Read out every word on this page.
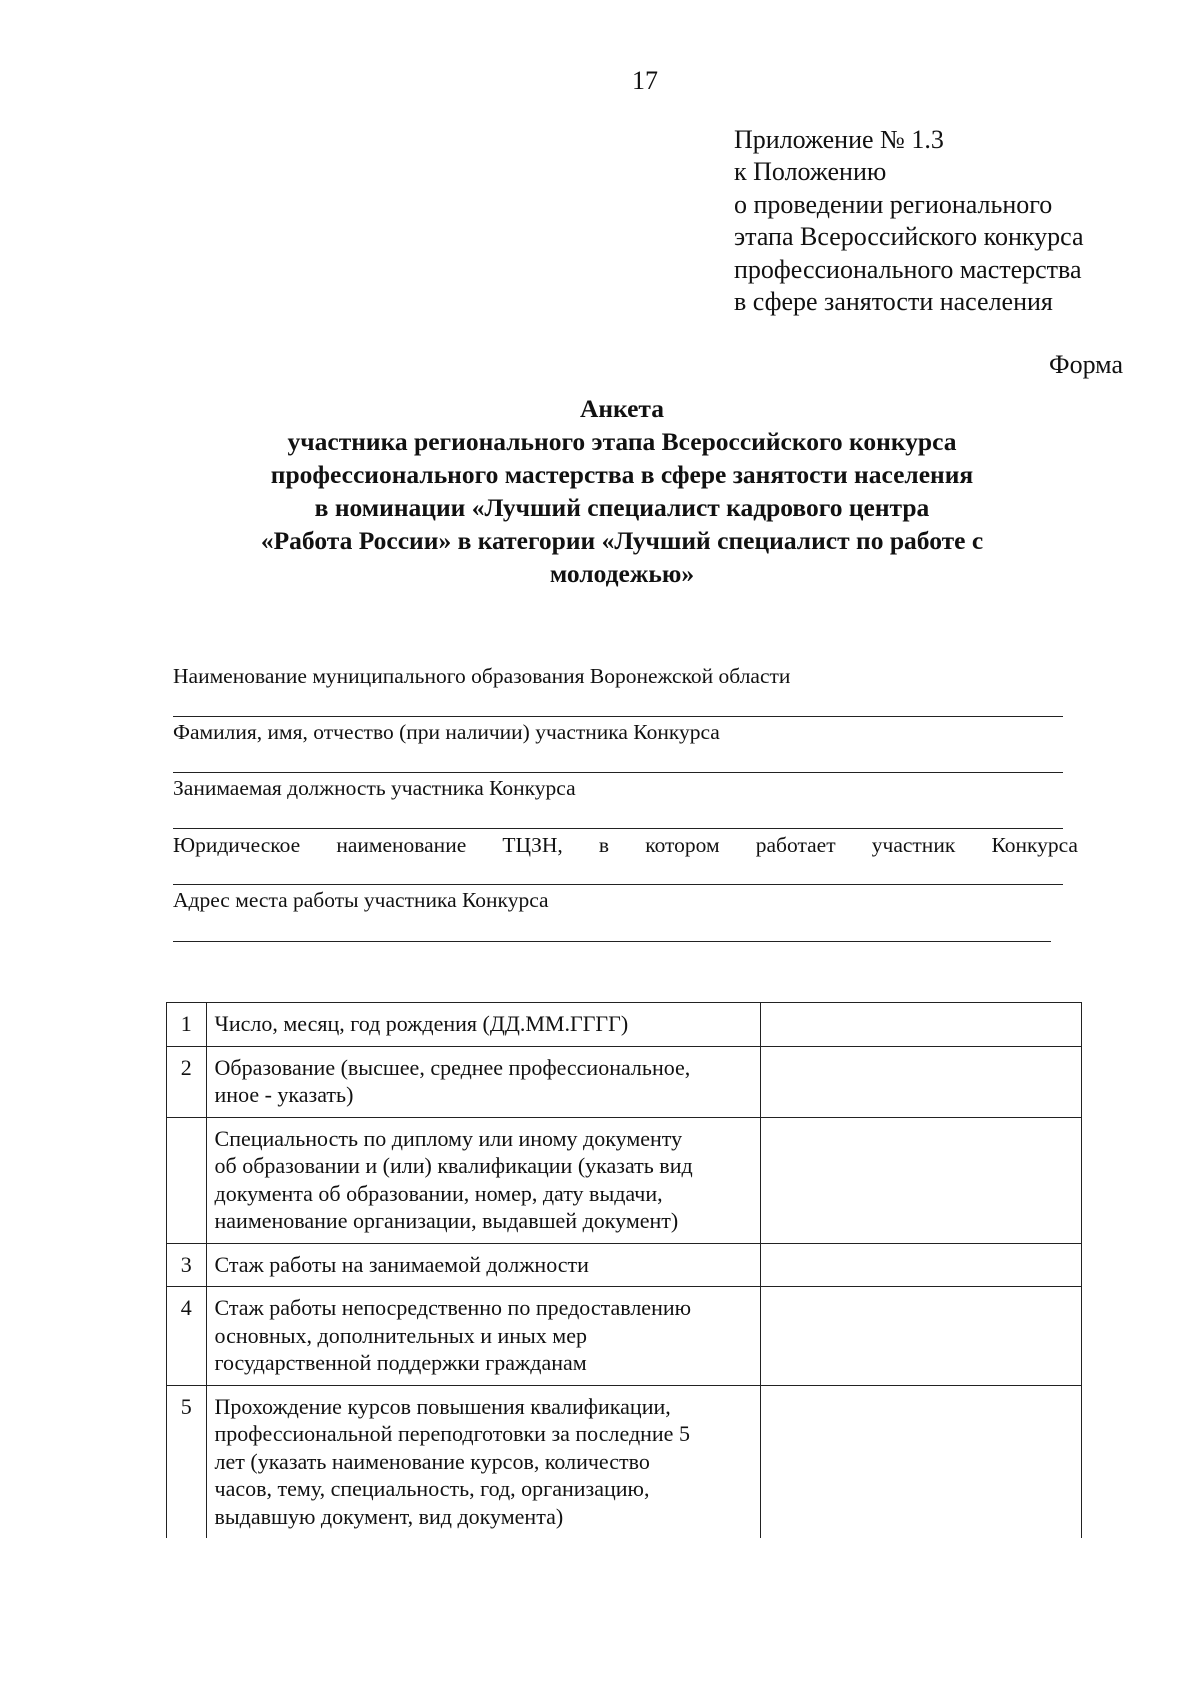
17
Приложение № 1.3
к Положению
о проведении регионального
этапа Всероссийского конкурса
профессионального мастерства
в сфере занятости населения
Форма
Анкета
участника регионального этапа Всероссийского конкурса
профессионального мастерства в сфере занятости населения
в номинации «Лучший специалист кадрового центра
«Работа России» в категории «Лучший специалист по работе с
молодежью»
Наименование муниципального образования Воронежской области
Фамилия, имя, отчество (при наличии) участника Конкурса
Занимаемая должность участника Конкурса
Юридическое наименование ТЦЗН, в котором работает участник Конкурса
Адрес места работы участника Конкурса
1	Число, месяц, год рождения (ДД.ММ.ГГГГ)	

2	Образование (высшее, среднее профессиональное,
иное - указать)	

	Специальность по диплому или иному документу
об образовании и (или) квалификации (указать вид
документа об образовании, номер, дату выдачи,
наименование организации, выдавшей документ)	

3	Стаж работы на занимаемой должности	

4	Стаж работы непосредственно по предоставлению
основных, дополнительных и иных мер
государственной поддержки гражданам	

5	Прохождение курсов повышения квалификации,
профессиональной переподготовки за последние 5
лет (указать наименование курсов, количество
часов, тему, специальность, год, организацию,
выдавшую документ, вид документа)	
